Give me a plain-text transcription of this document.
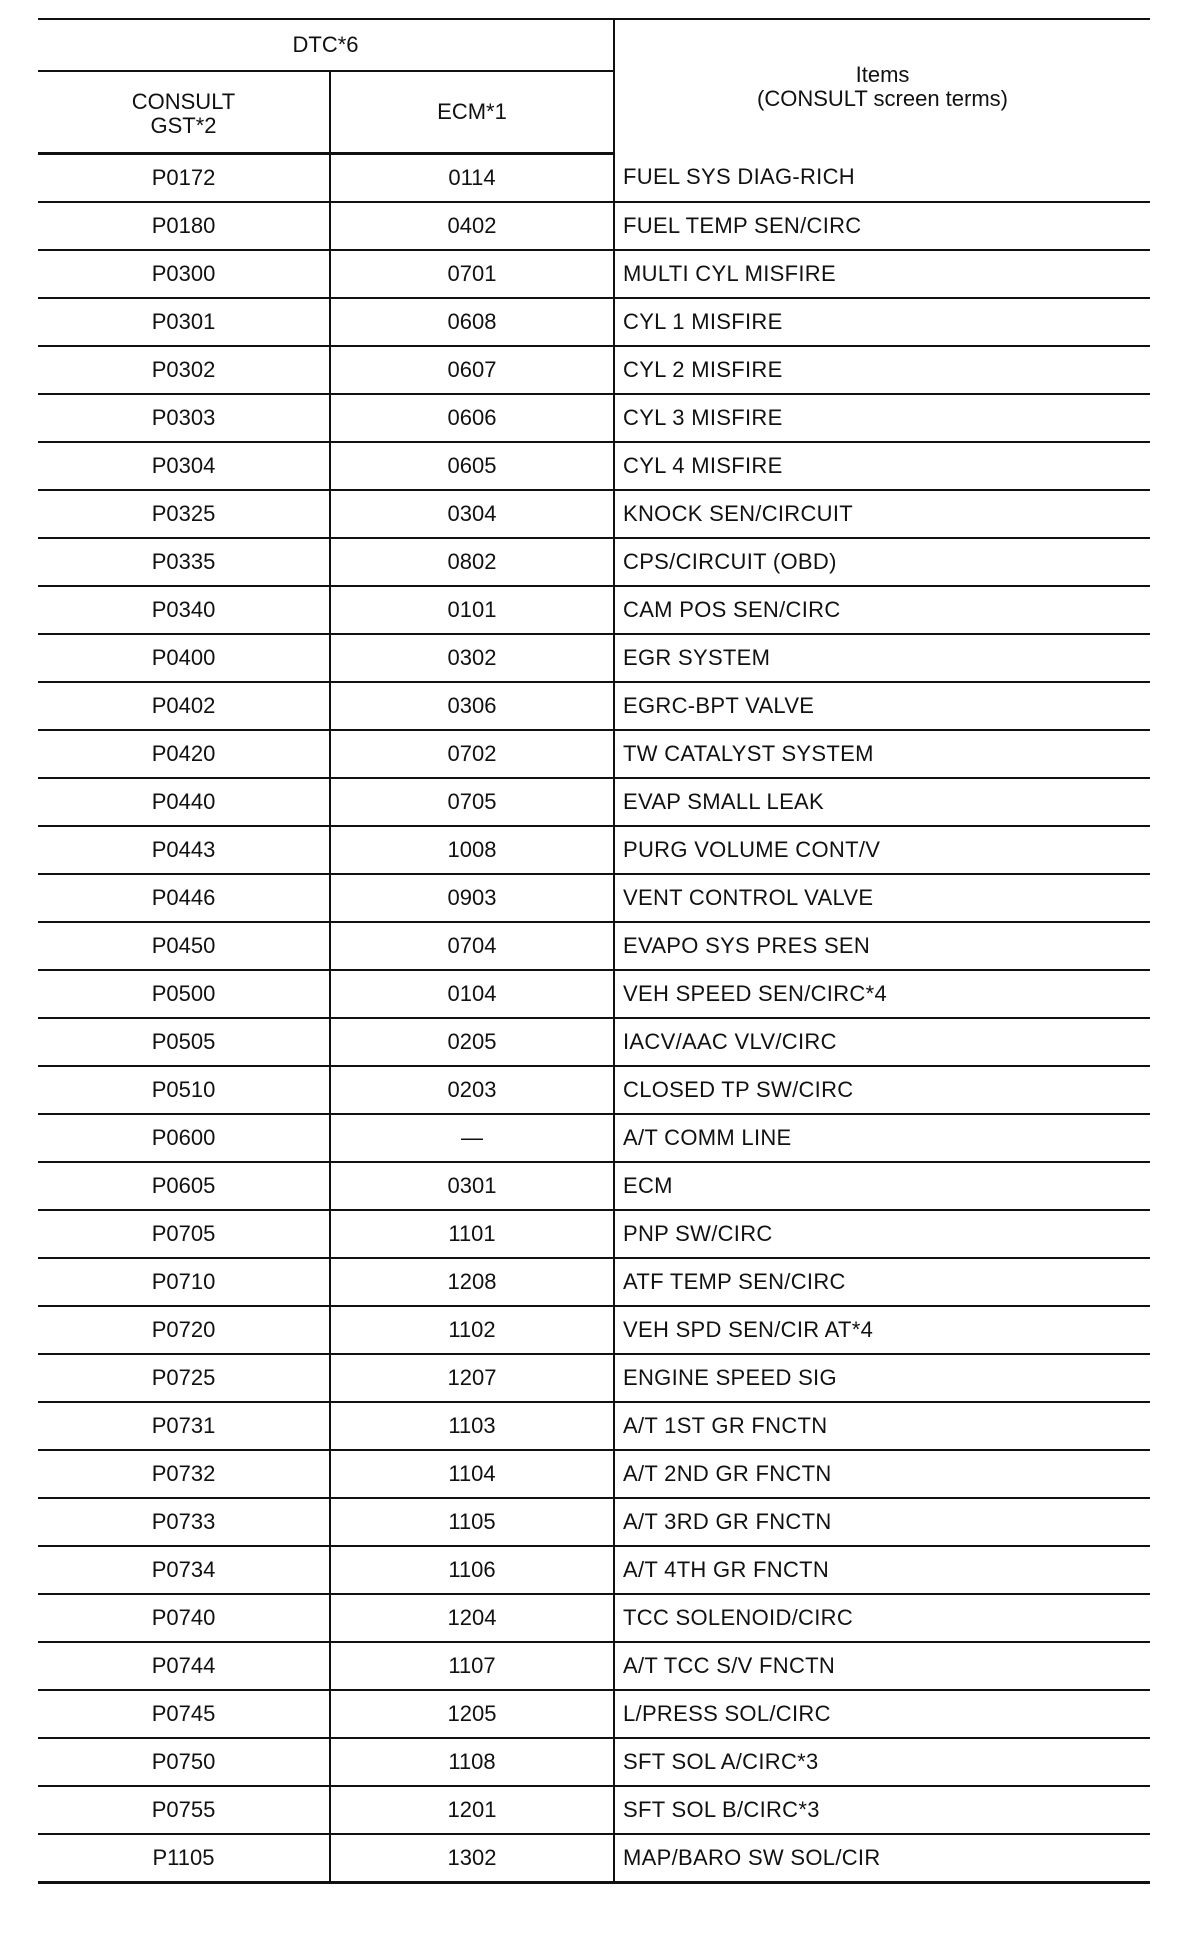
DTC*6		Items
(CONSULT screen terms)

CONSULT
GST*2	ECM*1	
P0172	0114	FUEL SYS DIAG-RICH
P0180	0402	FUEL TEMP SEN/CIRC
P0300	0701	MULTI CYL MISFIRE
P0301	0608	CYL 1 MISFIRE
P0302	0607	CYL 2 MISFIRE
P0303	0606	CYL 3 MISFIRE
P0304	0605	CYL 4 MISFIRE
P0325	0304	KNOCK SEN/CIRCUIT
P0335	0802	CPS/CIRCUIT (OBD)
P0340	0101	CAM POS SEN/CIRC
P0400	0302	EGR SYSTEM
P0402	0306	EGRC-BPT VALVE
P0420	0702	TW CATALYST SYSTEM
P0440	0705	EVAP SMALL LEAK
P0443	1008	PURG VOLUME CONT/V
P0446	0903	VENT CONTROL VALVE
P0450	0704	EVAPO SYS PRES SEN
P0500	0104	VEH SPEED SEN/CIRC*4
P0505	0205	IACV/AAC VLV/CIRC
P0510	0203	CLOSED TP SW/CIRC
P0600	—	A/T COMM LINE
P0605	0301	ECM
P0705	1101	PNP SW/CIRC
P0710	1208	ATF TEMP SEN/CIRC
P0720	1102	VEH SPD SEN/CIR AT*4
P0725	1207	ENGINE SPEED SIG
P0731	1103	A/T 1ST GR FNCTN
P0732	1104	A/T 2ND GR FNCTN
P0733	1105	A/T 3RD GR FNCTN
P0734	1106	A/T 4TH GR FNCTN
P0740	1204	TCC SOLENOID/CIRC
P0744	1107	A/T TCC S/V FNCTN
P0745	1205	L/PRESS SOL/CIRC
P0750	1108	SFT SOL A/CIRC*3
P0755	1201	SFT SOL B/CIRC*3
P1105	1302	MAP/BARO SW SOL/CIR
